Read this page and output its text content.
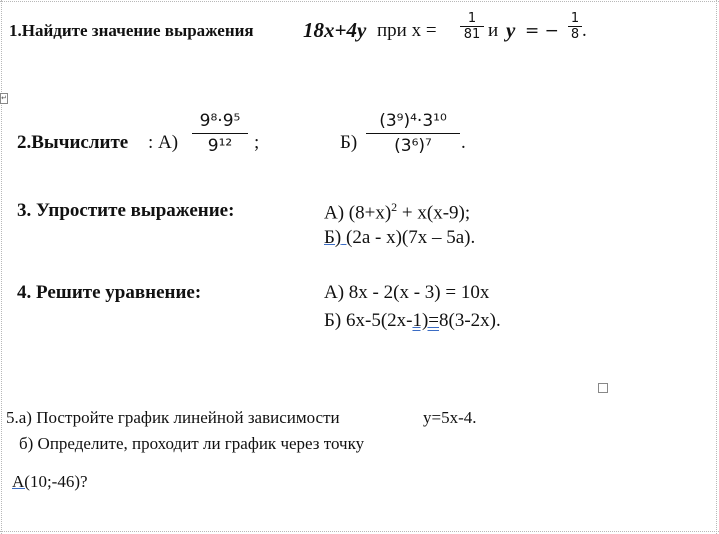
↵
1.Найдите значение выражения 18x+4y при х =
1
81 и y = −
1
8 .
2.Вычислите : А)
9⁸·9⁵
9¹²	;	Б)
(3⁹)⁴·3¹⁰
(3⁶)⁷	.
3. Упростите выражение:	А) $(8+x)^2 + x(x-9)$;
Б) (2a - x)(7x – 5a).
4. Решите уравнение:	А) 8x - 2(x - 3) = 10x
Б) 6x-5(2x-1)=8(3-2x).
5.а) Постройте график линейной зависимости	y=5x-4.
б) Определите, проходит ли график через точку
А(10;-46)?
